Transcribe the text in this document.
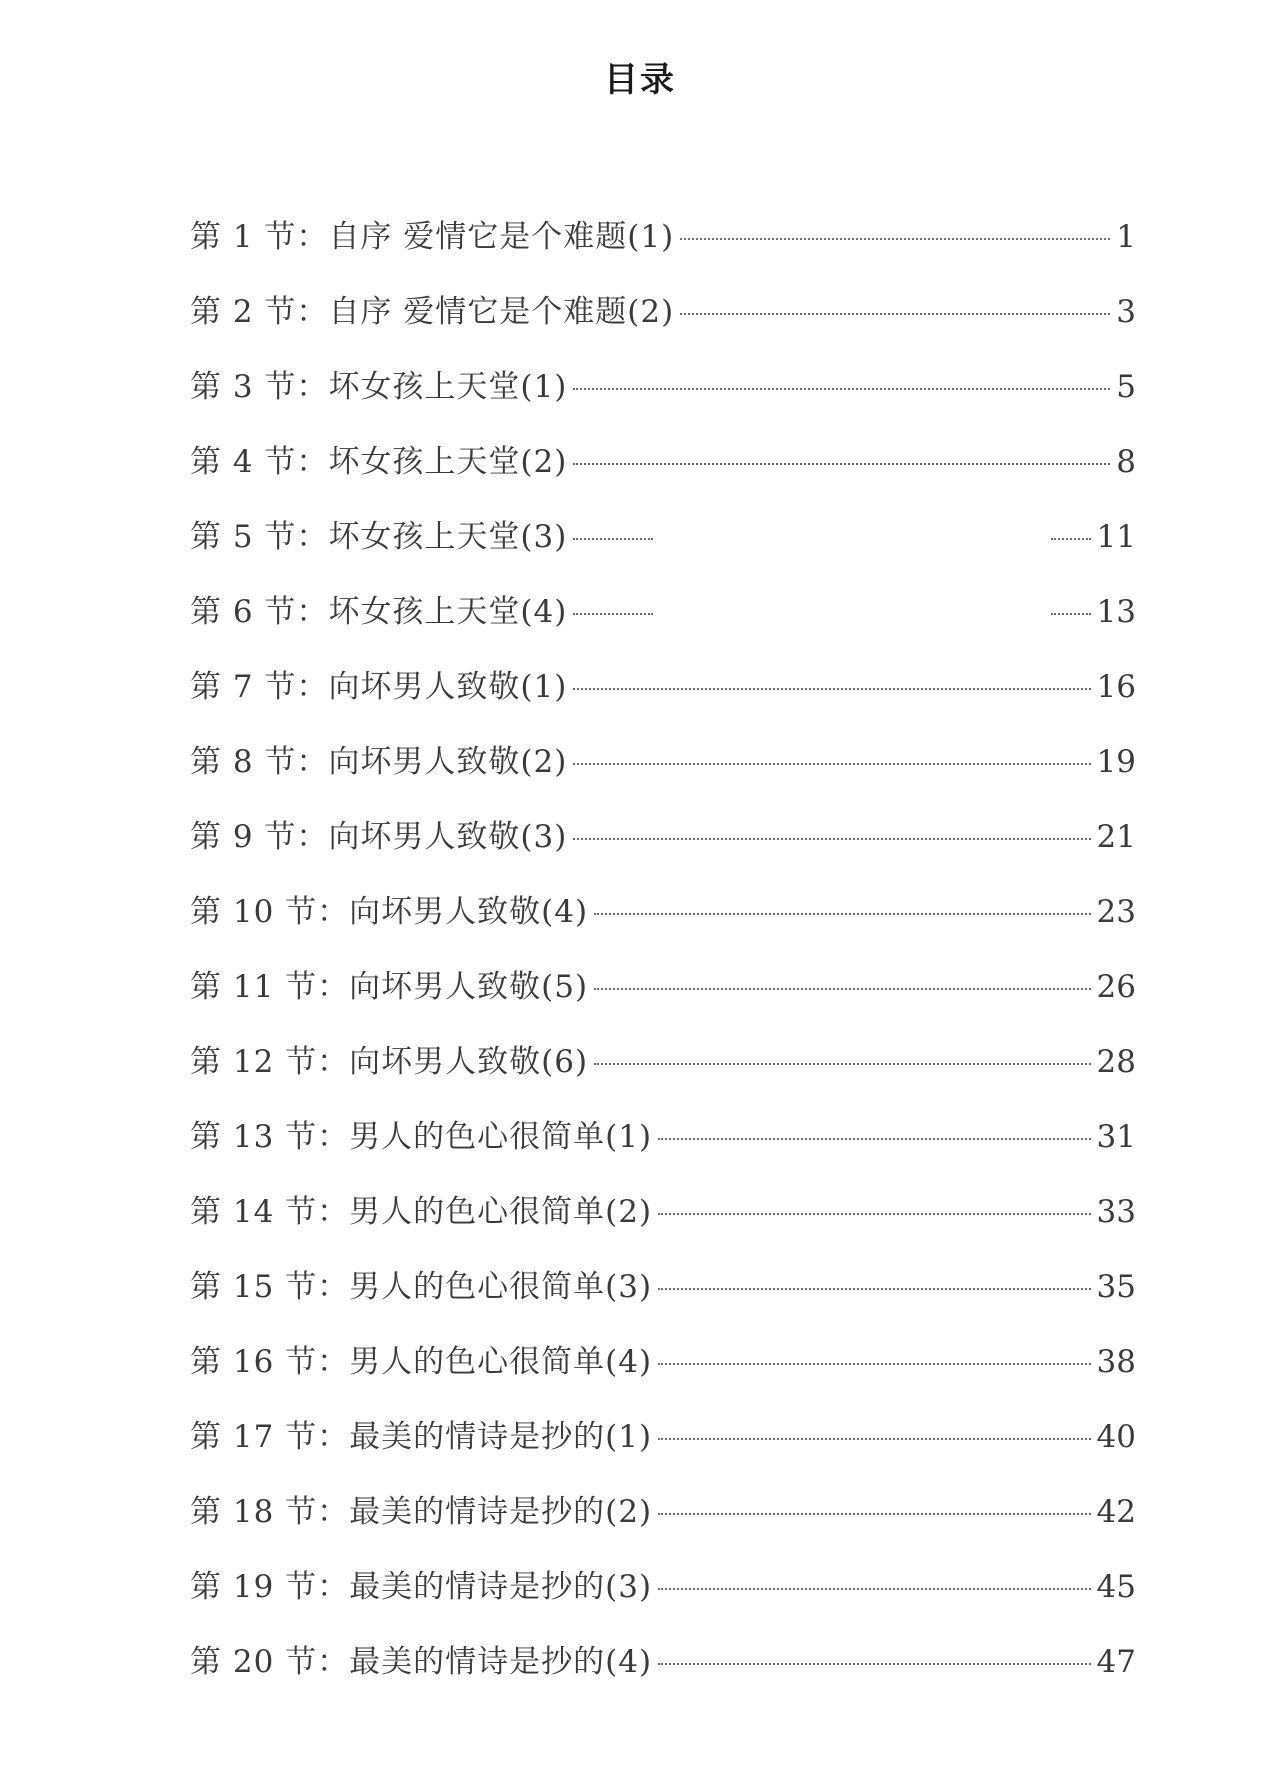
目录
第 1 节： 自序 爱情它是个难题(1)	1
第 2 节： 自序 爱情它是个难题(2)	3
第 3 节： 坏女孩上天堂(1)	5
第 4 节： 坏女孩上天堂(2)	8
第 5 节： 坏女孩上天堂(3)	11
第 6 节： 坏女孩上天堂(4)	13
第 7 节： 向坏男人致敬(1)	16
第 8 节： 向坏男人致敬(2)	19
第 9 节： 向坏男人致敬(3)	21
第 10 节： 向坏男人致敬(4)	23
第 11 节： 向坏男人致敬(5)	26
第 12 节： 向坏男人致敬(6)	28
第 13 节： 男人的色心很简单(1)	31
第 14 节： 男人的色心很简单(2)	33
第 15 节： 男人的色心很简单(3)	35
第 16 节： 男人的色心很简单(4)	38
第 17 节： 最美的情诗是抄的(1)	40
第 18 节： 最美的情诗是抄的(2)	42
第 19 节： 最美的情诗是抄的(3)	45
第 20 节： 最美的情诗是抄的(4)	47
